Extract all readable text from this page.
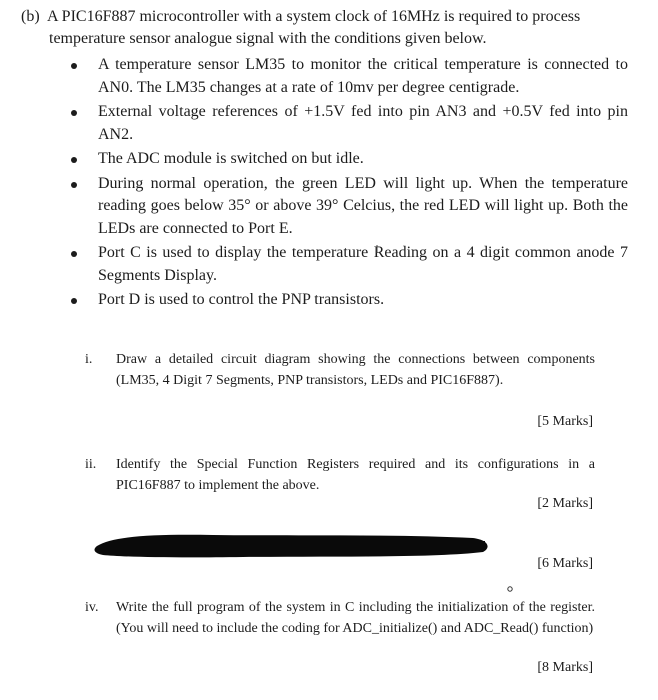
(b) A PIC16F887 microcontroller with a system clock of 16MHz is required to process
temperature sensor analogue signal with the conditions given below.
A temperature sensor LM35 to monitor the critical temperature is connected to AN0. The LM35 changes at a rate of 10mv per degree centigrade.
External voltage references of +1.5V fed into pin AN3 and +0.5V fed into pin AN2.
The ADC module is switched on but idle.
During normal operation, the green LED will light up. When the temperature reading goes below 35° or above 39° Celcius, the red LED will light up. Both the LEDs are connected to Port E.
Port C is used to display the temperature Reading on a 4 digit common anode 7 Segments Display.
Port D is used to control the PNP transistors.
i.	Draw a detailed circuit diagram showing the connections between components (LM35, 4 Digit 7 Segments, PNP transistors, LEDs and PIC16F887).
[5 Marks]
ii.	Identify the Special Function Registers required and its configurations in a PIC16F887 to implement the above.
[2 Marks]
[6 Marks]
iv.	Write the full program of the system in C including the initialization of the register. (You will need to include the coding for ADC_initialize() and ADC_Read() function)
[8 Marks]
